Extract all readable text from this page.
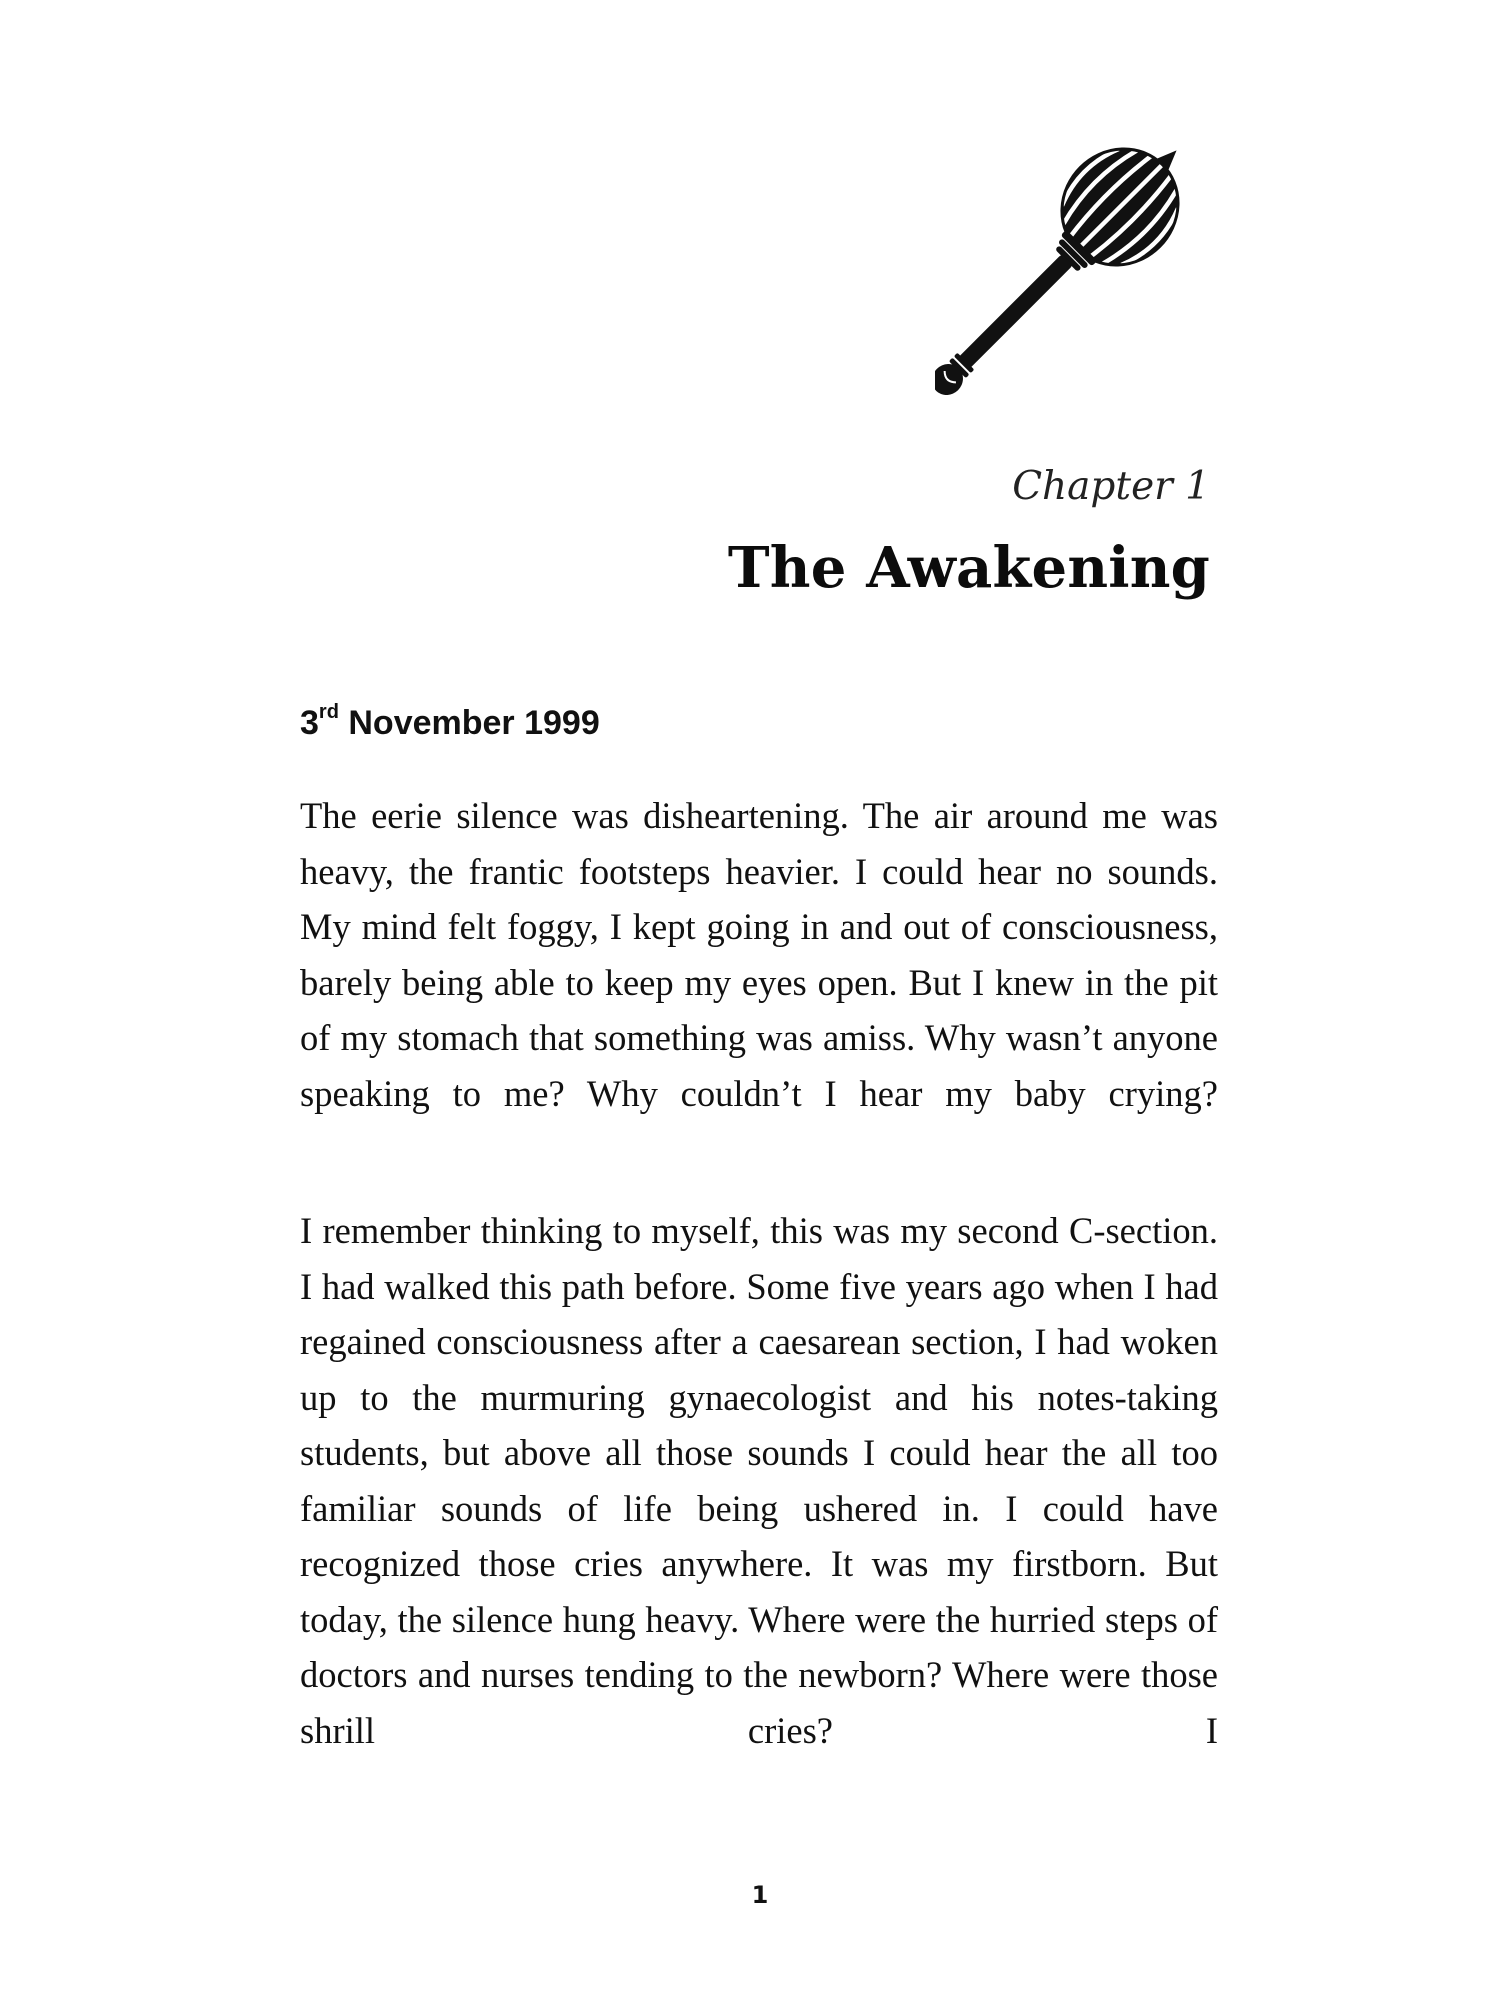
Chapter 1
The Awakening
3rd November 1999

The eerie silence was disheartening. The air around me was heavy, the frantic footsteps heavier. I could hear no sounds. My mind felt foggy, I kept going in and out of consciousness, barely being able to keep my eyes open. But I knew in the pit of my stomach that something was amiss. Why wasn’t anyone speaking to me? Why couldn’t I hear my baby crying?

I remember thinking to myself, this was my second C-section. I had walked this path before. Some five years ago when I had regained consciousness after a caesarean section, I had woken up to the murmuring gynaecologist and his notes-taking students, but above all those sounds I could hear the all too familiar sounds of life being ushered in. I could have recognized those cries anywhere. It was my firstborn. But today, the silence hung heavy. Where were the hurried steps of doctors and nurses tending to the newborn? Where were those shrill cries? I

1
